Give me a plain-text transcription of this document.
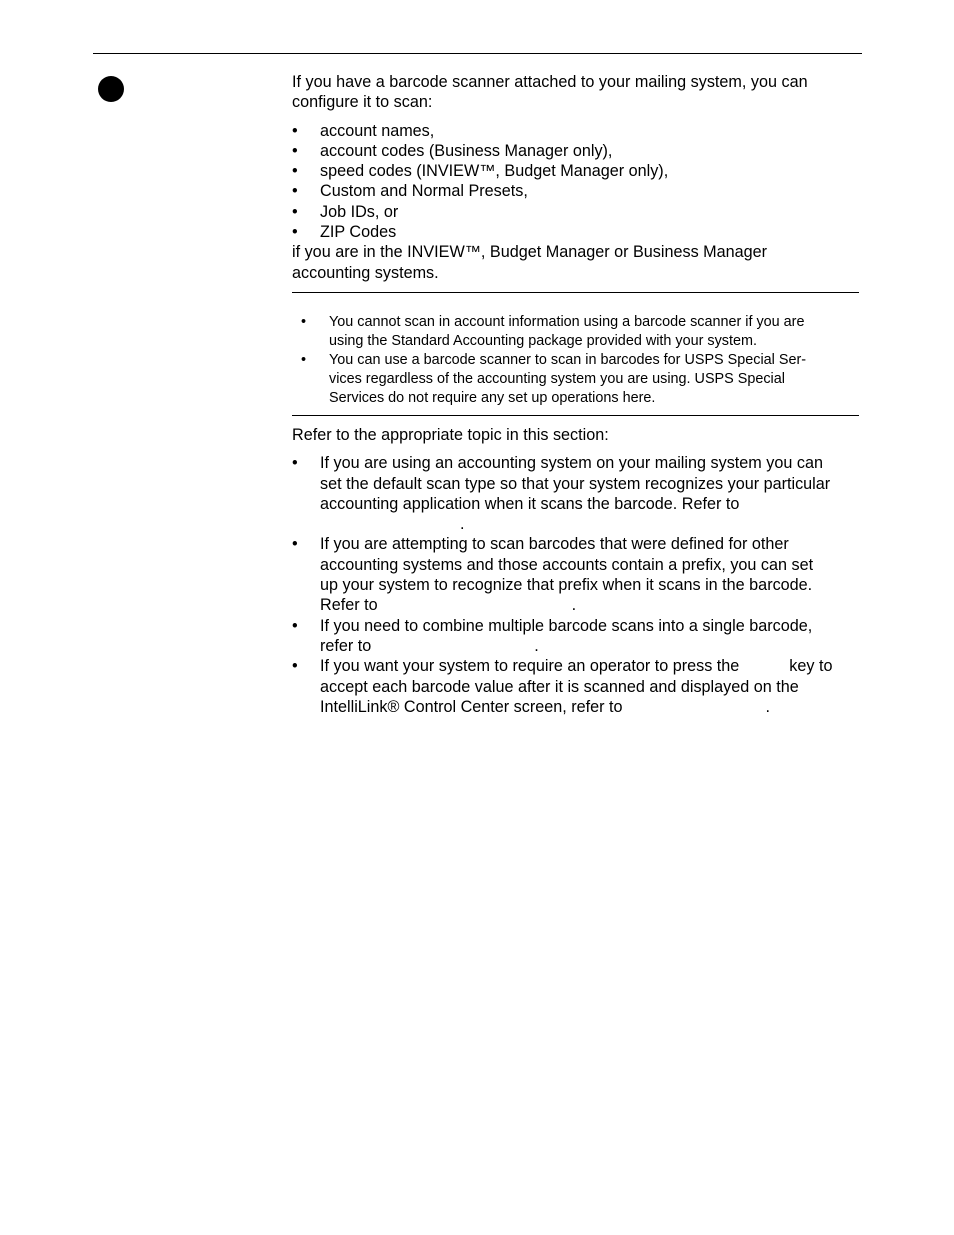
If you have a barcode scanner attached to your mailing system, you can
configure it to scan:

• account names,
• account codes (Business Manager only),
• speed codes (INVIEW™, Budget Manager only),
• Custom and Normal Presets,
• Job IDs, or
• ZIP Codes

if you are in the INVIEW™, Budget Manager or Business Manager
accounting systems.

• You cannot scan in account information using a barcode scanner if you are
using the Standard Accounting package provided with your system.
• You can use a barcode scanner to scan in barcodes for USPS Special Ser-
vices regardless of the accounting system you are using. USPS Special
Services do not require any set up operations here.

Refer to the appropriate topic in this section:

• If you are using an accounting system on your mailing system you can
set the default scan type so that your system recognizes your particular
accounting application when it scans the barcode. Refer to
.
• If you are attempting to scan barcodes that were defined for other
accounting systems and those accounts contain a prefix, you can set
up your system to recognize that prefix when it scans in the barcode.
Refer to	.
• If you need to combine multiple barcode scans into a single barcode,
refer to	.
• If you want your system to require an operator to press the	key to
accept each barcode value after it is scanned and displayed on the
IntelliLink® Control Center screen, refer to	.
